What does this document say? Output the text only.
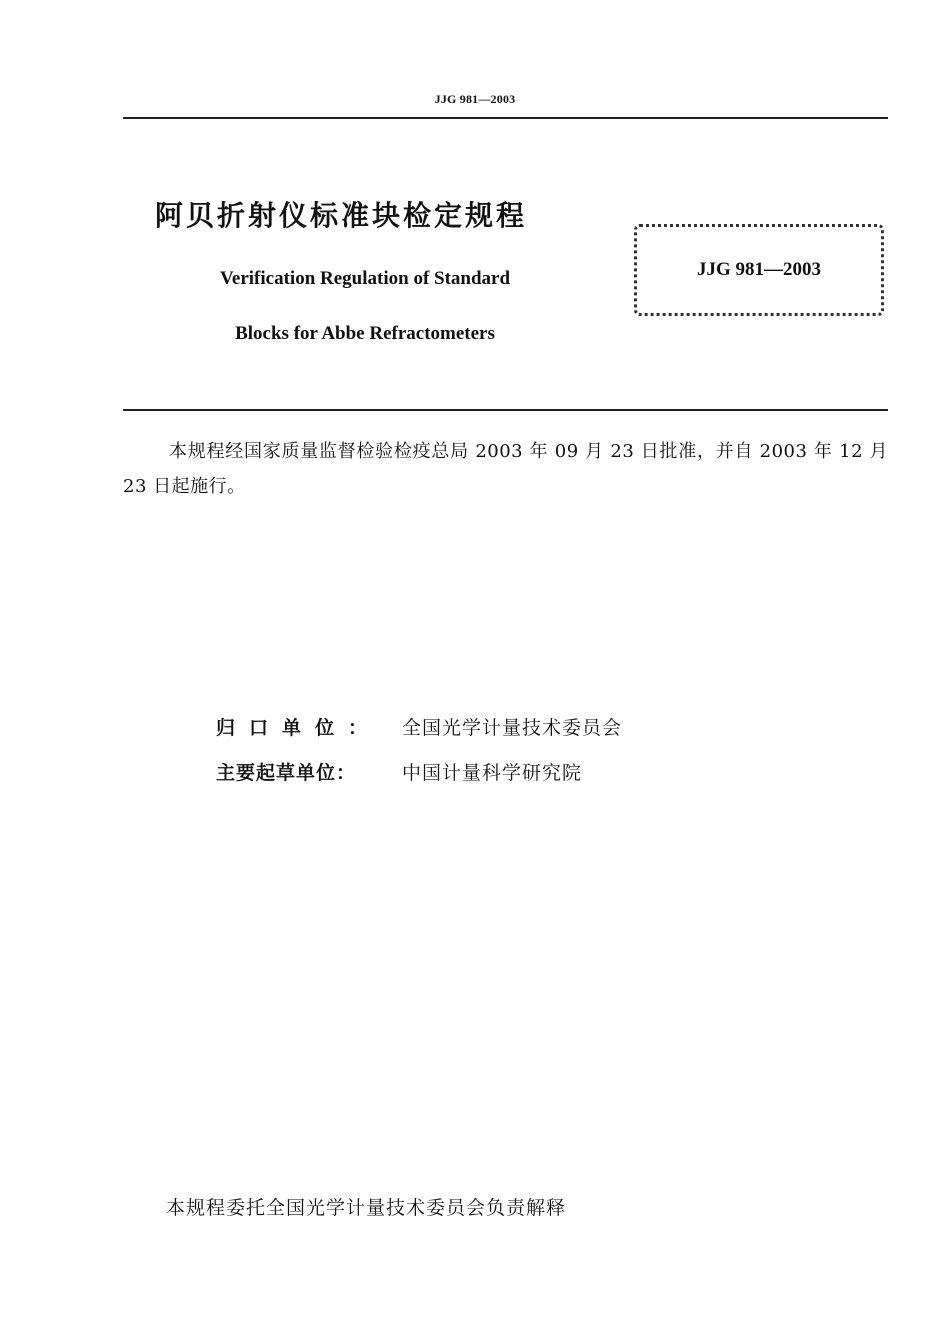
JJG 981—2003
阿贝折射仪标准块检定规程
Verification Regulation of Standard
Blocks for Abbe Refractometers
JJG 981—2003
本规程经国家质量监督检验检疫总局 2003 年 09 月 23 日批准，并自 2003 年 12 月 23 日起施行。
归口单位：	全国光学计量技术委员会
主要起草单位：	中国计量科学研究院
本规程委托全国光学计量技术委员会负责解释
